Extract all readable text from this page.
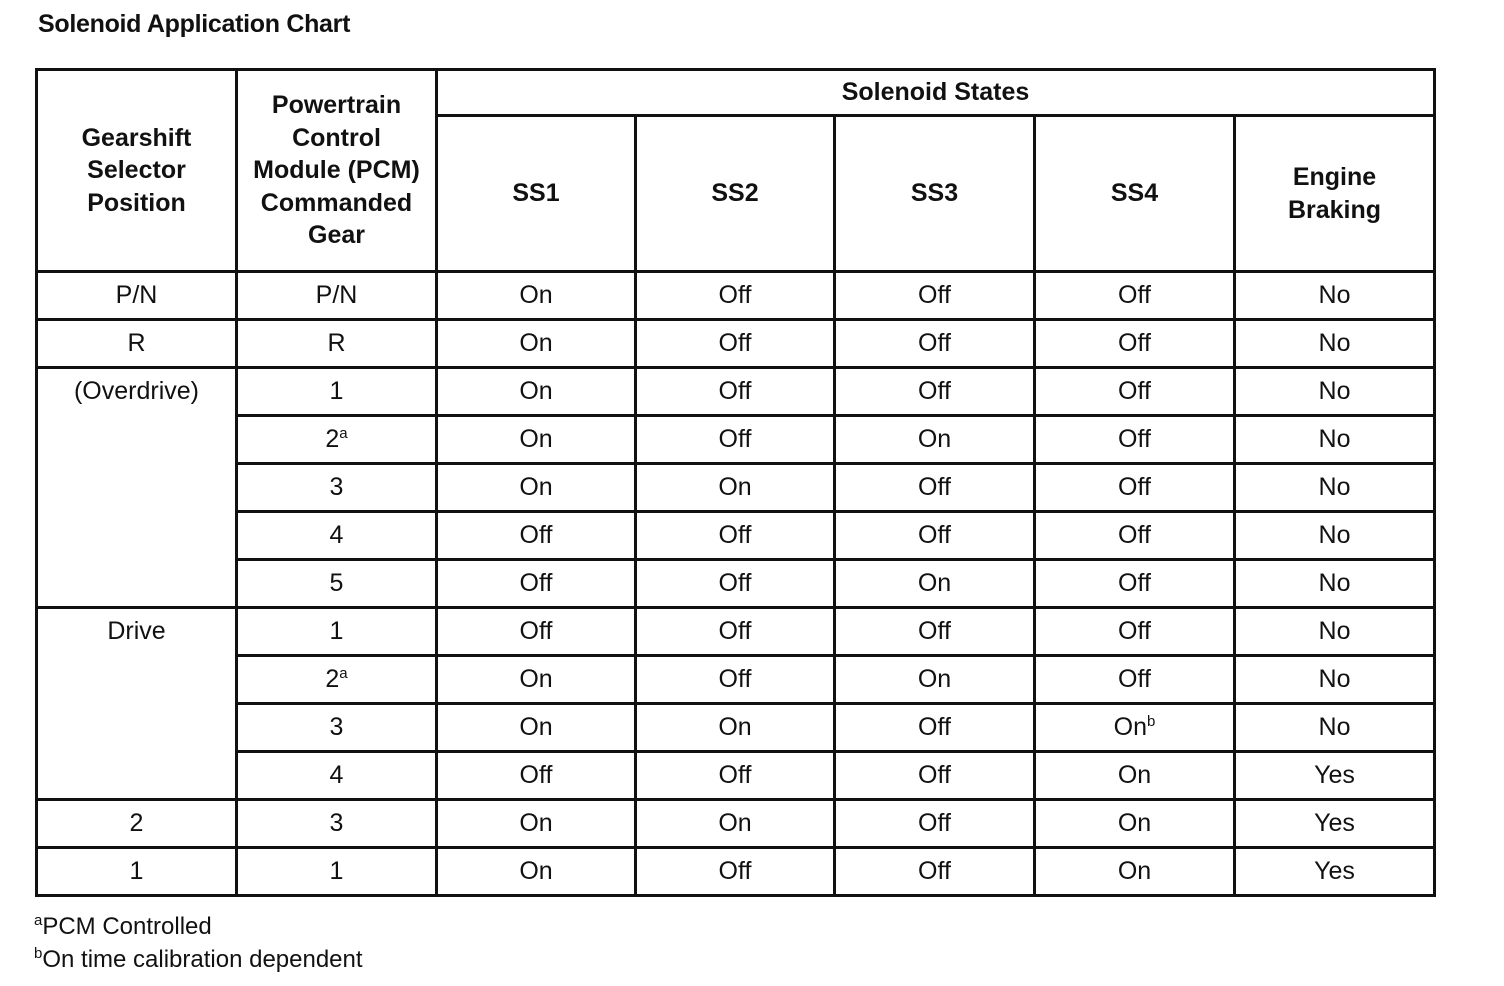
Solenoid Application Chart
Gearshift Selector Position	Powertrain Control Module (PCM) Commanded Gear	Solenoid States				
		SS1	SS2	SS3	SS4	Engine Braking
P/N	P/N	On	Off	Off	Off	No
R	R	On	Off	Off	Off	No
(Overdrive)	1	On	Off	Off	Off	No
	2$^a$	On	Off	On	Off	No
	3	On	On	Off	Off	No
	4	Off	Off	Off	Off	No
	5	Off	Off	On	Off	No
Drive	1	Off	Off	Off	Off	No
	2$^a$	On	Off	On	Off	No
	3	On	On	Off	On$^b$	No
	4	Off	Off	Off	On	Yes
2	3	On	On	Off	On	Yes
1	1	On	Off	Off	On	Yes
$^a$PCM Controlled
$^b$On time calibration dependent
